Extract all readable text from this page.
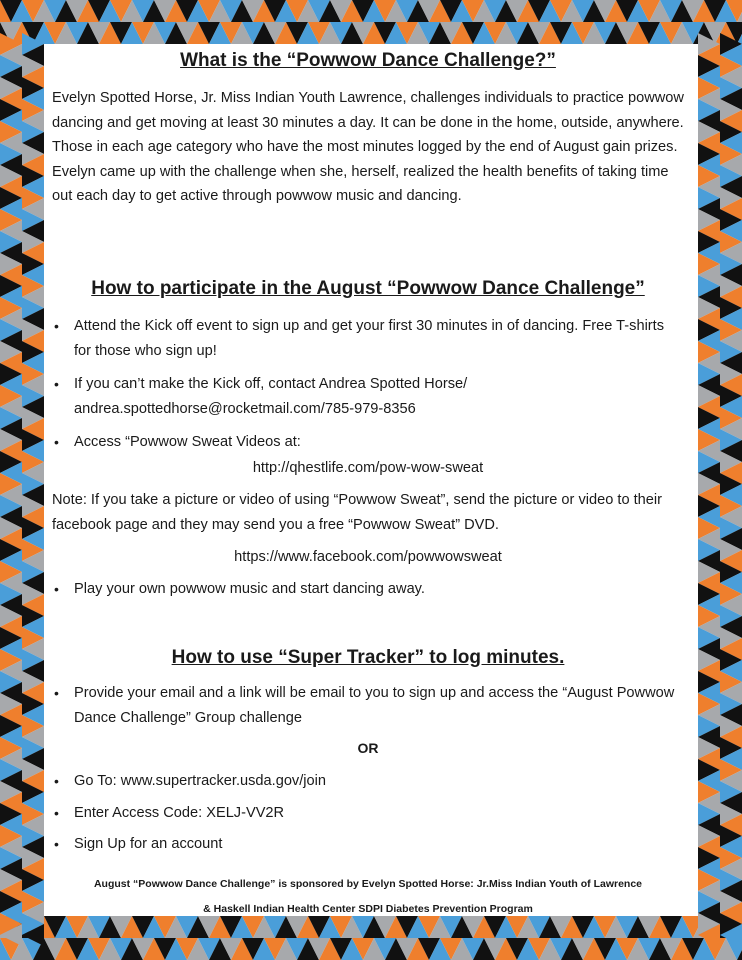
What is the “Powwow Dance Challenge?”

Evelyn Spotted Horse, Jr. Miss Indian Youth Lawrence, challenges individuals to practice powwow dancing and get moving at least 30 minutes a day. It can be done in the home, outside, anywhere. Those in each age category who have the most minutes logged by the end of August gain prizes. Evelyn came up with the challenge when she, herself, realized the health benefits of taking time out each day to get active through powwow music and dancing.

How to participate in the August “Powwow Dance Challenge”
• Attend the Kick off event to sign up and get your first 30 minutes in of dancing. Free T-shirts for those who sign up!
• If you can’t make the Kick off, contact Andrea Spotted Horse/ andrea.spottedhorse@rocketmail.com/785-979-8356
• Access “Powwow Sweat Videos at:
http://qhestlife.com/pow-wow-sweat

Note: If you take a picture or video of using “Powwow Sweat”, send the picture or video to their facebook page and they may send you a free “Powwow Sweat” DVD.

https://www.facebook.com/powwowsweat
• Play your own powwow music and start dancing away.
How to use “Super Tracker” to log minutes.
• Provide your email and a link will be email to you to sign up and access the “August Powwow Dance Challenge” Group challenge
OR
• Go To: www.supertracker.usda.gov/join
• Enter Access Code: XELJ-VV2R
• Sign Up for an account
August “Powwow Dance Challenge” is sponsored by Evelyn Spotted Horse: Jr.Miss Indian Youth of Lawrence
& Haskell Indian Health Center SDPI Diabetes Prevention Program
